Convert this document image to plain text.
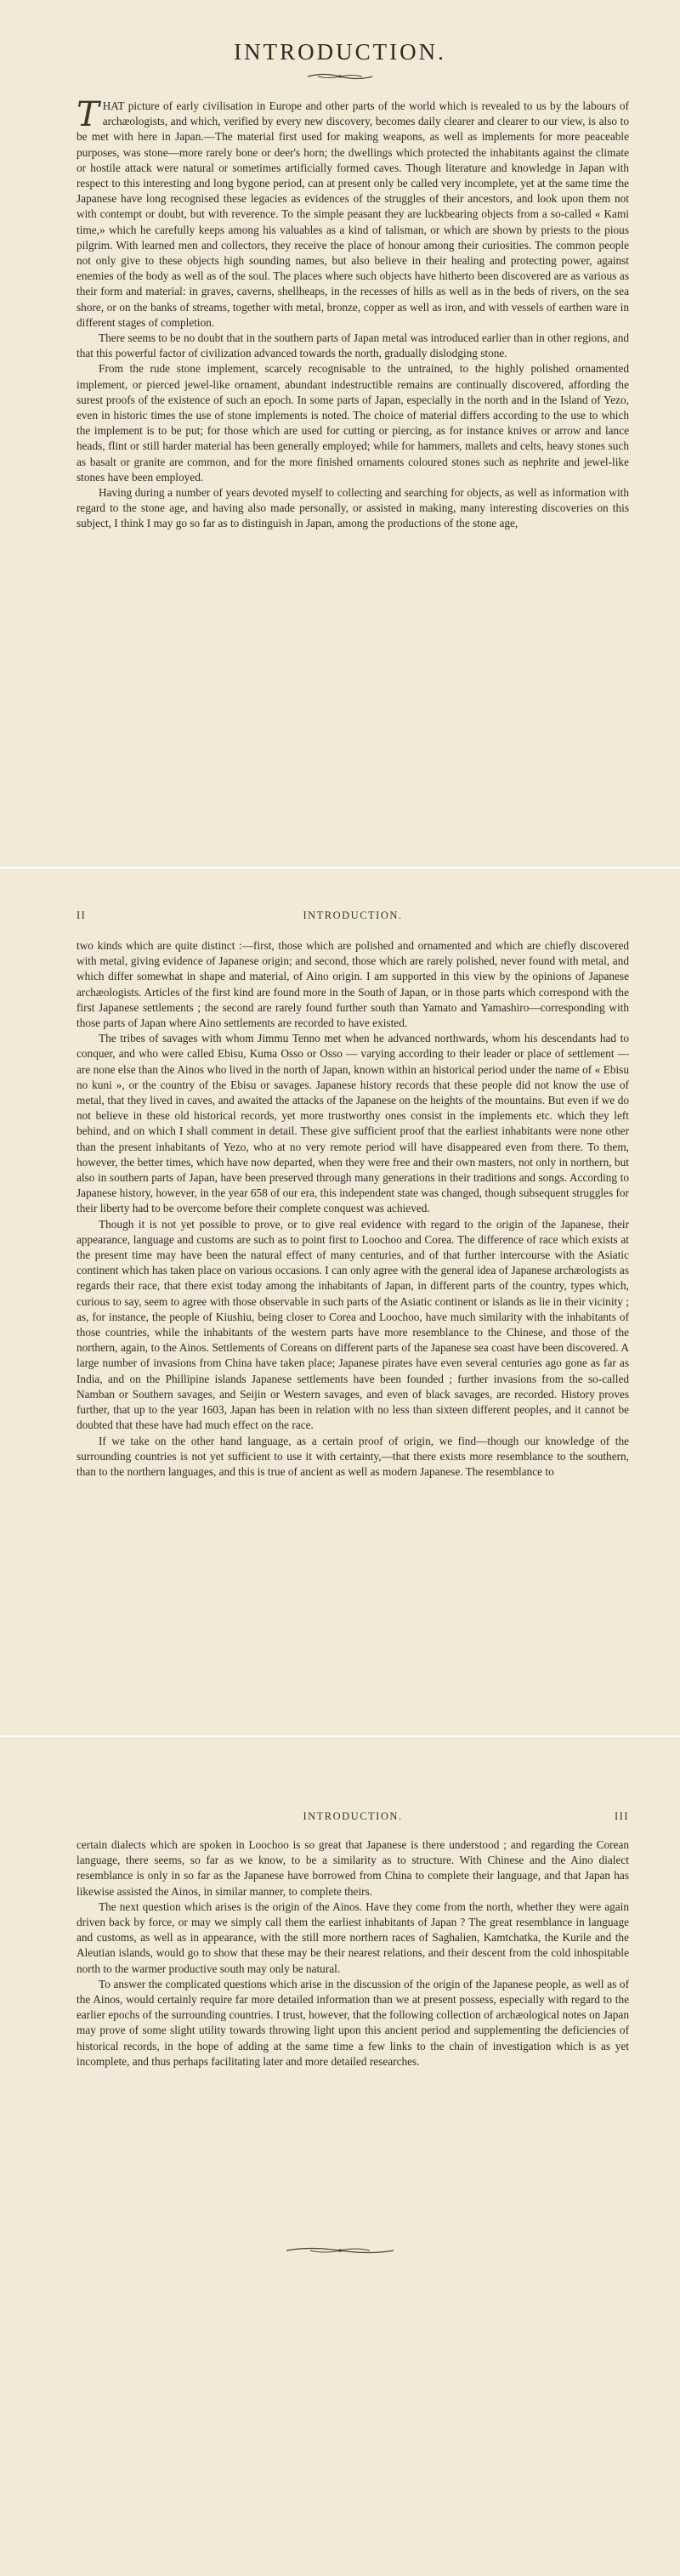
INTRODUCTION.

THAT picture of early civilisation in Europe and other parts of the world which is revealed to us by the labours of archæologists, and which, verified by every new discovery, becomes daily clearer and clearer to our view, is also to be met with here in Japan.—The material first used for making weapons, as well as implements for more peaceable purposes, was stone—more rarely bone or deer's horn; the dwellings which protected the inhabitants against the climate or hostile attack were natural or sometimes artificially formed caves. Though literature and knowledge in Japan with respect to this interesting and long bygone period, can at present only be called very incomplete, yet at the same time the Japanese have long recognised these legacies as evidences of the struggles of their ancestors, and look upon them not with contempt or doubt, but with reverence. To the simple peasant they are luckbearing objects from a so-called « Kami time,» which he carefully keeps among his valuables as a kind of talisman, or which are shown by priests to the pious pilgrim. With learned men and collectors, they receive the place of honour among their curiosities. The common people not only give to these objects high sounding names, but also believe in their healing and protecting power, against enemies of the body as well as of the soul. The places where such objects have hitherto been discovered are as various as their form and material: in graves, caverns, shellheaps, in the recesses of hills as well as in the beds of rivers, on the sea shore, or on the banks of streams, together with metal, bronze, copper as well as iron, and with vessels of earthen ware in different stages of completion.

There seems to be no doubt that in the southern parts of Japan metal was introduced earlier than in other regions, and that this powerful factor of civilization advanced towards the north, gradually dislodging stone.

From the rude stone implement, scarcely recognisable to the untrained, to the highly polished ornamented implement, or pierced jewel-like ornament, abundant indestructible remains are continually discovered, affording the surest proofs of the existence of such an epoch. In some parts of Japan, especially in the north and in the Island of Yezo, even in historic times the use of stone implements is noted. The choice of material differs according to the use to which the implement is to be put; for those which are used for cutting or piercing, as for instance knives or arrow and lance heads, flint or still harder material has been generally employed; while for hammers, mallets and celts, heavy stones such as basalt or granite are common, and for the more finished ornaments coloured stones such as nephrite and jewel-like stones have been employed.

Having during a number of years devoted myself to collecting and searching for objects, as well as information with regard to the stone age, and having also made personally, or assisted in making, many interesting discoveries on this subject, I think I may go so far as to distinguish in Japan, among the productions of the stone age,

II	INTRODUCTION.

two kinds which are quite distinct :—first, those which are polished and ornamented and which are chiefly discovered with metal, giving evidence of Japanese origin; and second, those which are rarely polished, never found with metal, and which differ somewhat in shape and material, of Aino origin. I am supported in this view by the opinions of Japanese archæologists. Articles of the first kind are found more in the South of Japan, or in those parts which correspond with the first Japanese settlements ; the second are rarely found further south than Yamato and Yamashiro—corresponding with those parts of Japan where Aino settlements are recorded to have existed.

The tribes of savages with whom Jimmu Tenno met when he advanced northwards, whom his descendants had to conquer, and who were called Ebisu, Kuma Osso or Osso — varying according to their leader or place of settlement — are none else than the Ainos who lived in the north of Japan, known within an historical period under the name of « Ebisu no kuni », or the country of the Ebisu or savages. Japanese history records that these people did not know the use of metal, that they lived in caves, and awaited the attacks of the Japanese on the heights of the mountains. But even if we do not believe in these old historical records, yet more trustworthy ones consist in the implements etc. which they left behind, and on which I shall comment in detail. These give sufficient proof that the earliest inhabitants were none other than the present inhabitants of Yezo, who at no very remote period will have disappeared even from there. To them, however, the better times, which have now departed, when they were free and their own masters, not only in northern, but also in southern parts of Japan, have been preserved through many generations in their traditions and songs. According to Japanese history, however, in the year 658 of our era, this independent state was changed, though subsequent struggles for their liberty had to be overcome before their complete conquest was achieved.

Though it is not yet possible to prove, or to give real evidence with regard to the origin of the Japanese, their appearance, language and customs are such as to point first to Loochoo and Corea. The difference of race which exists at the present time may have been the natural effect of many centuries, and of that further intercourse with the Asiatic continent which has taken place on various occasions. I can only agree with the general idea of Japanese archæologists as regards their race, that there exist today among the inhabitants of Japan, in different parts of the country, types which, curious to say, seem to agree with those observable in such parts of the Asiatic continent or islands as lie in their vicinity ; as, for instance, the people of Kiushiu, being closer to Corea and Loochoo, have much similarity with the inhabitants of those countries, while the inhabitants of the western parts have more resemblance to the Chinese, and those of the northern, again, to the Ainos. Settlements of Coreans on different parts of the Japanese sea coast have been discovered. A large number of invasions from China have taken place; Japanese pirates have even several centuries ago gone as far as India, and on the Phillipine islands Japanese settlements have been founded ; further invasions from the so-called Namban or Southern savages, and Seijin or Western savages, and even of black savages, are recorded. History proves further, that up to the year 1603, Japan has been in relation with no less than sixteen different peoples, and it cannot be doubted that these have had much effect on the race.

If we take on the other hand language, as a certain proof of origin, we find—though our knowledge of the surrounding countries is not yet sufficient to use it with certainty,—that there exists more resemblance to the southern, than to the northern languages, and this is true of ancient as well as modern Japanese. The resemblance to

INTRODUCTION.	III

certain dialects which are spoken in Loochoo is so great that Japanese is there understood ; and regarding the Corean language, there seems, so far as we know, to be a similarity as to structure. With Chinese and the Aino dialect resemblance is only in so far as the Japanese have borrowed from China to complete their language, and that Japan has likewise assisted the Ainos, in similar manner, to complete theirs.

The next question which arises is the origin of the Ainos. Have they come from the north, whether they were again driven back by force, or may we simply call them the earliest inhabitants of Japan ? The great resemblance in language and customs, as well as in appearance, with the still more northern races of Saghalien, Kamtchatka, the Kurile and the Aleutian islands, would go to show that these may be their nearest relations, and their descent from the cold inhospitable north to the warmer productive south may only be natural.

To answer the complicated questions which arise in the discussion of the origin of the Japanese people, as well as of the Ainos, would certainly require far more detailed information than we at present possess, especially with regard to the earlier epochs of the surrounding countries. I trust, however, that the following collection of archæological notes on Japan may prove of some slight utility towards throwing light upon this ancient period and supplementing the deficiencies of historical records, in the hope of adding at the same time a few links to the chain of investigation which is as yet incomplete, and thus perhaps facilitating later and more detailed researches.
